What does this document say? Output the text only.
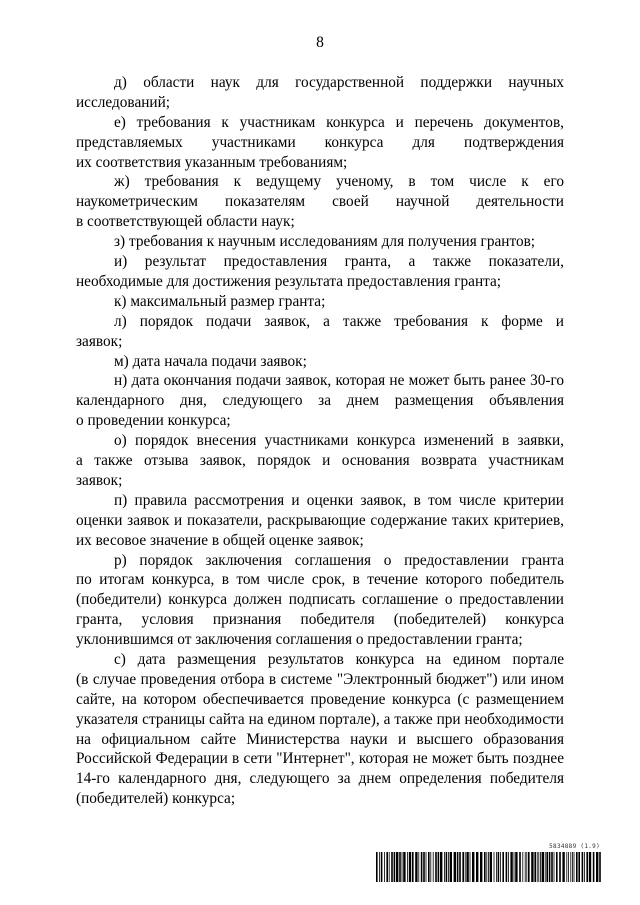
8
д) области наук для государственной поддержки научных
исследований;
е) требования к участникам конкурса и перечень документов,
представляемых участниками конкурса для подтверждения
их соответствия указанным требованиям;
ж) требования к ведущему ученому, в том числе к его
наукометрическим показателям своей научной деятельности
в соответствующей области наук;
з) требования к научным исследованиям для получения грантов;
и) результат предоставления гранта, а также показатели,
необходимые для достижения результата предоставления гранта;
к) максимальный размер гранта;
л) порядок подачи заявок, а также требования к форме и
заявок;
м) дата начала подачи заявок;
н) дата окончания подачи заявок, которая не может быть ранее 30-го
календарного дня, следующего за днем размещения объявления
о проведении конкурса;
о) порядок внесения участниками конкурса изменений в заявки,
а также отзыва заявок, порядок и основания возврата участникам
заявок;
п) правила рассмотрения и оценки заявок, в том числе критерии
оценки заявок и показатели, раскрывающие содержание таких критериев,
их весовое значение в общей оценке заявок;
р) порядок заключения соглашения о предоставлении гранта
по итогам конкурса, в том числе срок, в течение которого победитель
(победители) конкурса должен подписать соглашение о предоставлении
гранта, условия признания победителя (победителей) конкурса
уклонившимся от заключения соглашения о предоставлении гранта;
с) дата размещения результатов конкурса на едином портале
(в случае проведения отбора в системе "Электронный бюджет") или ином
сайте, на котором обеспечивается проведение конкурса (с размещением
указателя страницы сайта на едином портале), а также при необходимости
на официальном сайте Министерства науки и высшего образования
Российской Федерации в сети "Интернет", которая не может быть позднее
14-го календарного дня, следующего за днем определения победителя
(победителей) конкурса;
5834889 (1.9)
